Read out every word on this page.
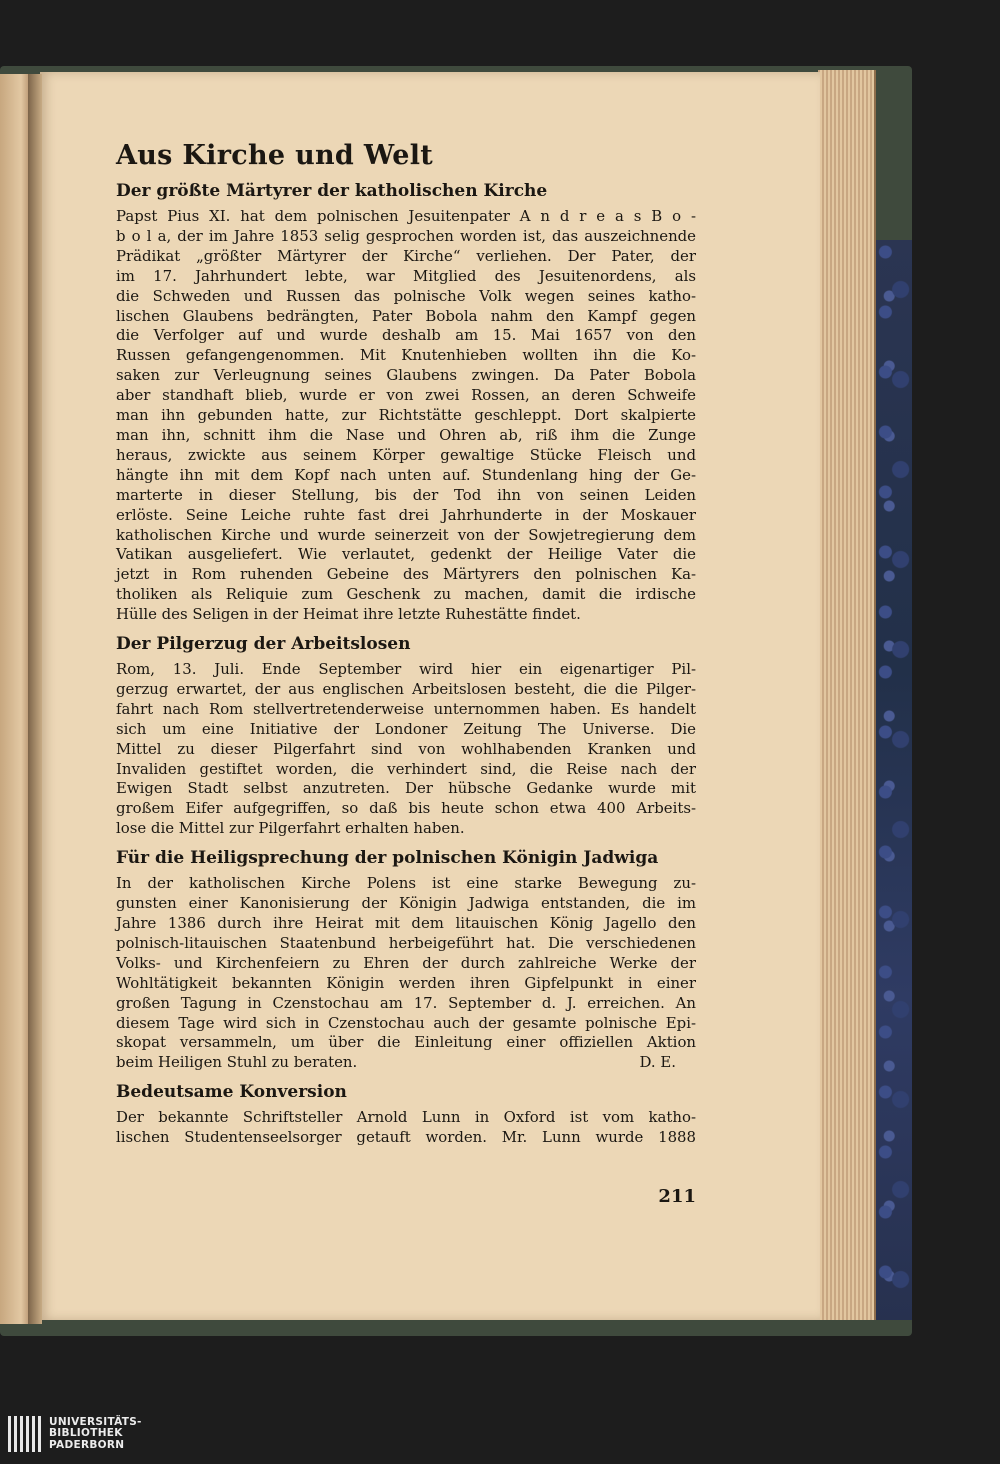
Aus Kirche und Welt
Der größte Märtyrer der katholischen Kirche
Papst Pius XI. hat dem polnischen Jesuitenpater A n d r e a s B o -
b o l a, der im Jahre 1853 selig gesprochen worden ist, das auszeichnende
Prädikat „größter Märtyrer der Kirche“ verliehen. Der Pater, der
im 17. Jahrhundert lebte, war Mitglied des Jesuitenordens, als
die Schweden und Russen das polnische Volk wegen seines katho-
lischen Glaubens bedrängten, Pater Bobola nahm den Kampf gegen
die Verfolger auf und wurde deshalb am 15. Mai 1657 von den
Russen gefangengenommen. Mit Knutenhieben wollten ihn die Ko-
saken zur Verleugnung seines Glaubens zwingen. Da Pater Bobola
aber standhaft blieb, wurde er von zwei Rossen, an deren Schweife
man ihn gebunden hatte, zur Richtstätte geschleppt. Dort skalpierte
man ihn, schnitt ihm die Nase und Ohren ab, riß ihm die Zunge
heraus, zwickte aus seinem Körper gewaltige Stücke Fleisch und
hängte ihn mit dem Kopf nach unten auf. Stundenlang hing der Ge-
marterte in dieser Stellung, bis der Tod ihn von seinen Leiden
erlöste. Seine Leiche ruhte fast drei Jahrhunderte in der Moskauer
katholischen Kirche und wurde seinerzeit von der Sowjetregierung dem
Vatikan ausgeliefert. Wie verlautet, gedenkt der Heilige Vater die
jetzt in Rom ruhenden Gebeine des Märtyrers den polnischen Ka-
tholiken als Reliquie zum Geschenk zu machen, damit die irdische
Hülle des Seligen in der Heimat ihre letzte Ruhestätte findet.
Der Pilgerzug der Arbeitslosen
Rom, 13. Juli. Ende September wird hier ein eigenartiger Pil-
gerzug erwartet, der aus englischen Arbeitslosen besteht, die die Pilger-
fahrt nach Rom stellvertretenderweise unternommen haben. Es handelt
sich um eine Initiative der Londoner Zeitung The Universe. Die
Mittel zu dieser Pilgerfahrt sind von wohlhabenden Kranken und
Invaliden gestiftet worden, die verhindert sind, die Reise nach der
Ewigen Stadt selbst anzutreten. Der hübsche Gedanke wurde mit
großem Eifer aufgegriffen, so daß bis heute schon etwa 400 Arbeits-
lose die Mittel zur Pilgerfahrt erhalten haben.
Für die Heiligsprechung der polnischen Königin Jadwiga
In der katholischen Kirche Polens ist eine starke Bewegung zu-
gunsten einer Kanonisierung der Königin Jadwiga entstanden, die im
Jahre 1386 durch ihre Heirat mit dem litauischen König Jagello den
polnisch-litauischen Staatenbund herbeigeführt hat. Die verschiedenen
Volks- und Kirchenfeiern zu Ehren der durch zahlreiche Werke der
Wohltätigkeit bekannten Königin werden ihren Gipfelpunkt in einer
großen Tagung in Czenstochau am 17. September d. J. erreichen. An
diesem Tage wird sich in Czenstochau auch der gesamte polnische Epi-
skopat versammeln, um über die Einleitung einer offiziellen Aktion
beim Heiligen Stuhl zu beraten.	D. E.
Bedeutsame Konversion
Der bekannte Schriftsteller Arnold Lunn in Oxford ist vom katho-
lischen Studentenseelsorger getauft worden. Mr. Lunn wurde 1888
211
UNIVERSITÄTS-
BIBLIOTHEK
PADERBORN
